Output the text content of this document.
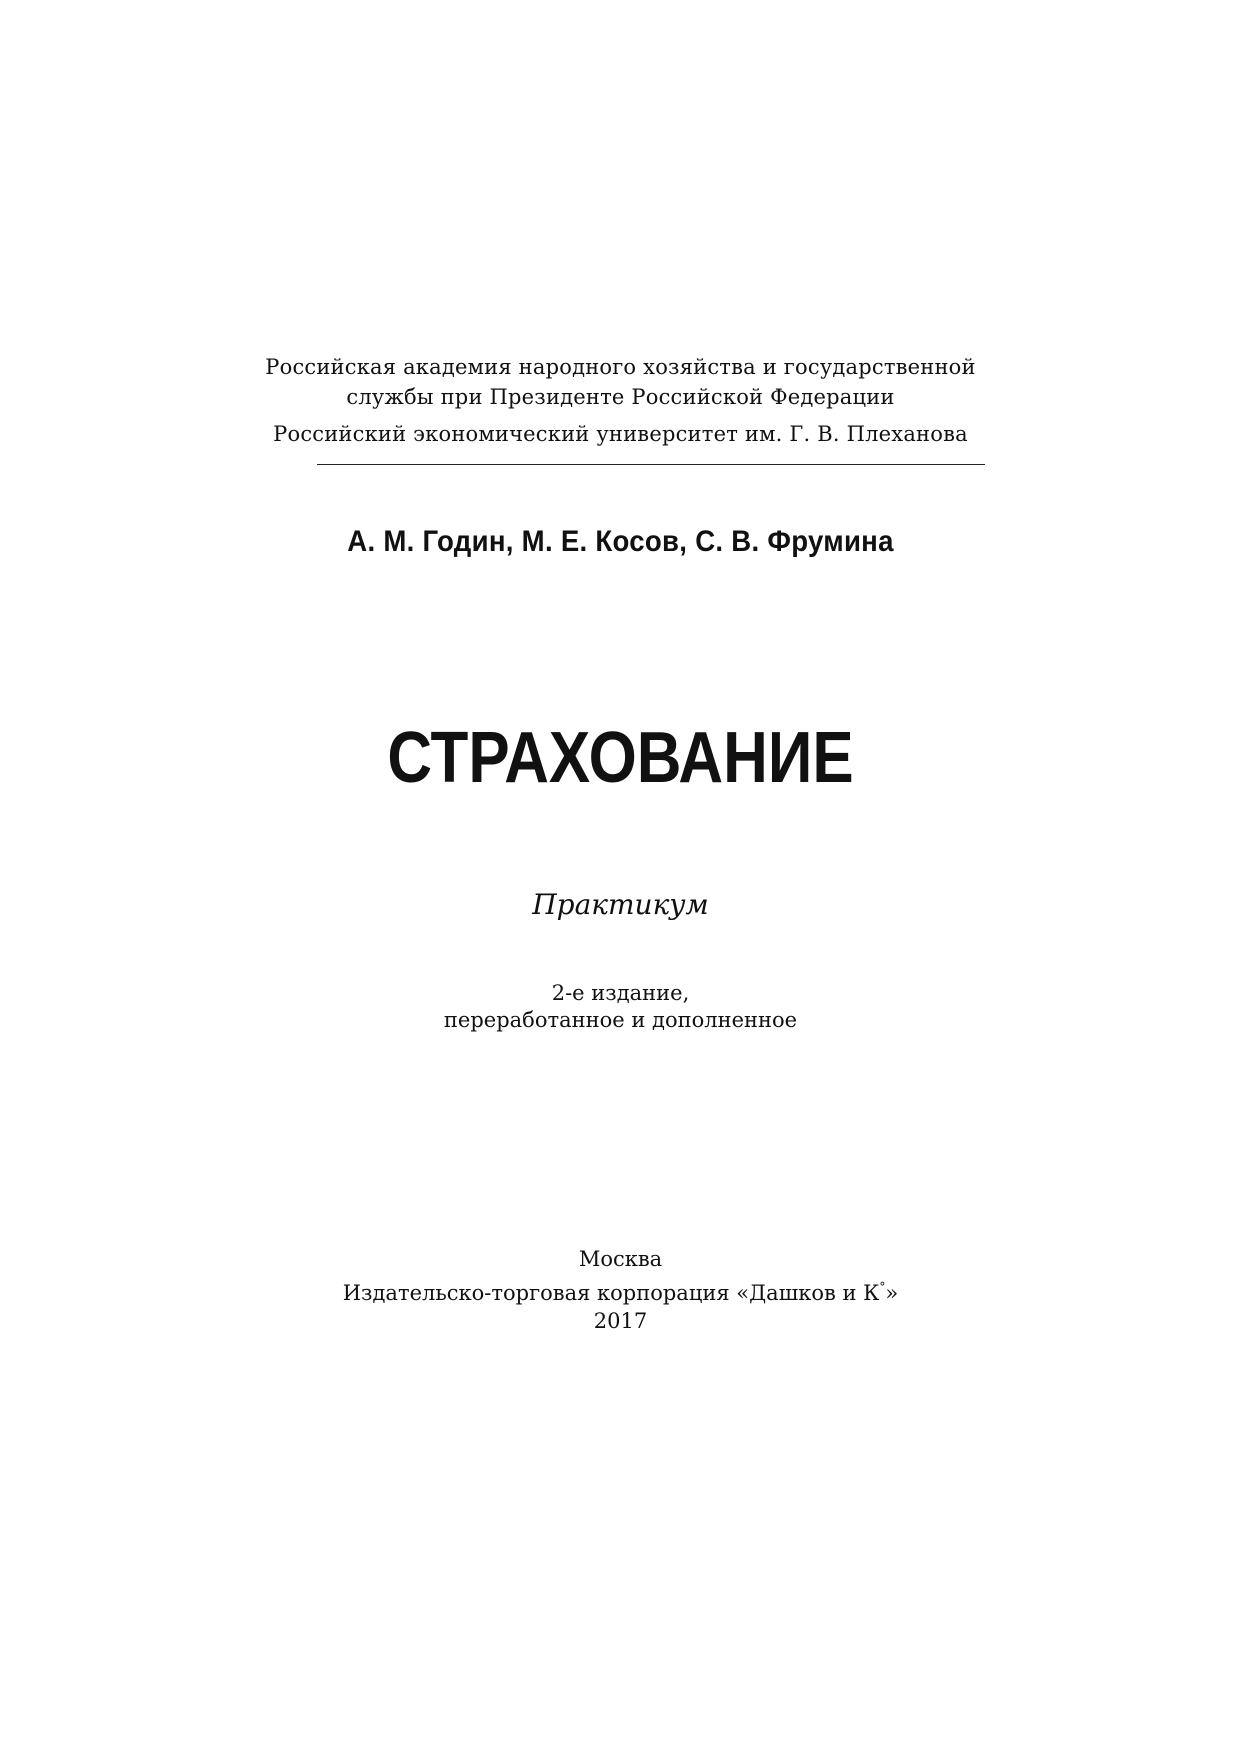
Российская академия народного хозяйства и государственной
службы при Президенте Российской Федерации
Российский экономический университет им. Г. В. Плеханова
А. М. Годин, М. Е. Косов, С. В. Фрумина
СТРАХОВАНИЕ
Практикум
2-е издание,
переработанное и дополненное
Москва
Издательско-торговая корпорация «Дашков и К°»
2017
